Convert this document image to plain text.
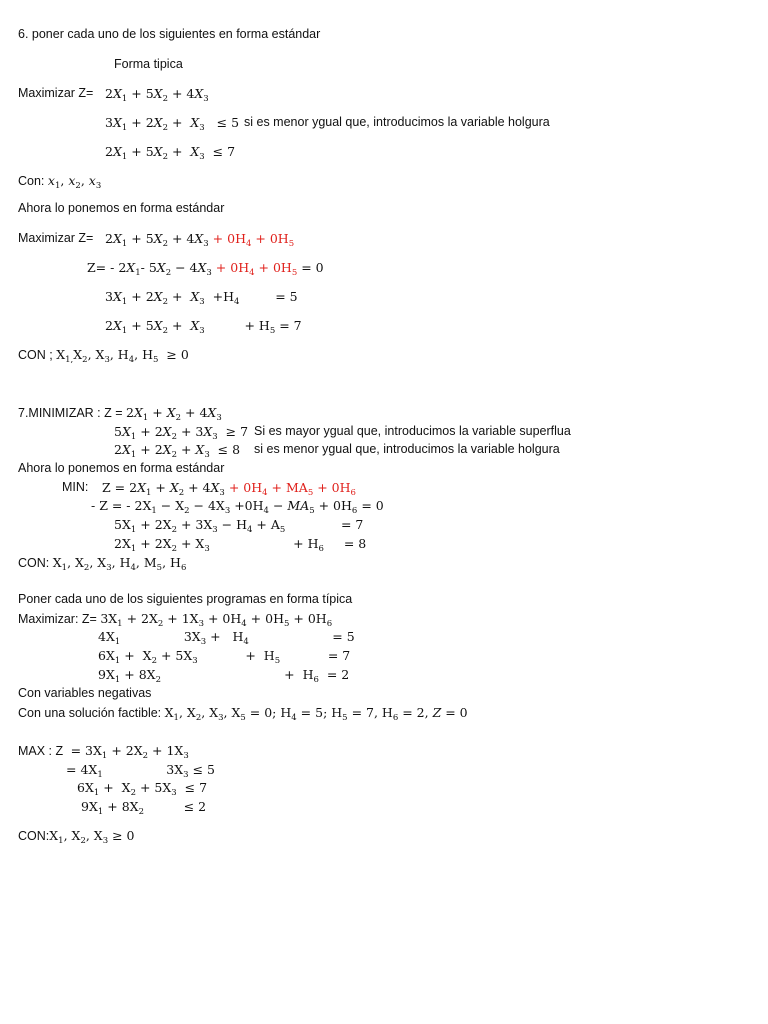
6. poner cada uno de los siguientes en forma estándar
Forma tipica
Maximizar $Z= 2X_1 + 5X_2 + 4X_3$
$3X_1 + 2X_2 + X_3 \le 5$ si es menor ygual que, introducimos la variable holgura
$2X_1 + 5X_2 + X_3 \le 7$
Con: $x_1$, $x_2$, $x_3$
Ahora lo ponemos en forma estándar
Maximizar $Z= 2X_1 + 5X_2 + 4X_3 + 0H_4 + 0H_5$
$Z= - 2X_1-$ $5X_2 - 4X_3 + 0H_4 + 0H_5 = 0$
$3X_1 + 2X_2 + X_3 +H_4$         = 5
$2X_1 + 5X_2 + X_3$          + $H_5 = 7$
CON ; $X_{1,}X_2$, $X_3$, $H_4$, $H_5 \ge 0$
7.MINIMIZAR : $Z = 2X_1 + X_2 + 4X_3$
$5X_1 + 2X_2 + 3X_3 \ge 7$ Si es mayor ygual que, introducimos la variable superflua
$2X_1 + 2X_2 + X_3 \le 8$ si es menor ygual que, introducimos la variable holgura
Ahora lo ponemos en forma estándar
MIN: $Z = 2X_1 + X_2 + 4X_3 + 0H_4 + MA_5 + 0H_6$
- Z = - $2X_1 - X_2 - 4X_3 +0H_4 - MA_5 + 0H_6 = 0$
$5X_1 + 2X_2 + 3X_3 - H_4 + A_5$              = 7
$2X_1 + 2X_2 + X_3$                     + $H_6$     = 8
CON: $X_1$, $X_2$, $X_3$, $H_4$, $M_5$, $H_6$
Poner cada uno de los siguientes programas en forma típica
Maximizar: $Z= 3X_1 + 2X_2 + 1X_3 + 0H_4 + 0H_5 + 0H_6$
$4X_1$                $3X_3 + H_4$                     = 5
$6X_1 + X_2 + 5X_3$            +  $H_5$            = 7
$9X_1 + 8X_2$                               +  $H_6 = 2$
Con variables negativas
Con una solución factible: $X_1$, $X_2$, $X_3$, $X_5 = 0$; $H_4 = 5$; $H_5 = 7$, $H_6 = 2$, Z = 0
MAX : $Z = 3X_1 + 2X_2 + 1X_3$
= $4X_1$                $3X_3 \le 5$
$6X_1 + X_2 + 5X_3 \le 7$
$9X_1 + 8X_2$          ≤ 2
$CON:X_1$, $X_2$, $X_3 \ge 0$
